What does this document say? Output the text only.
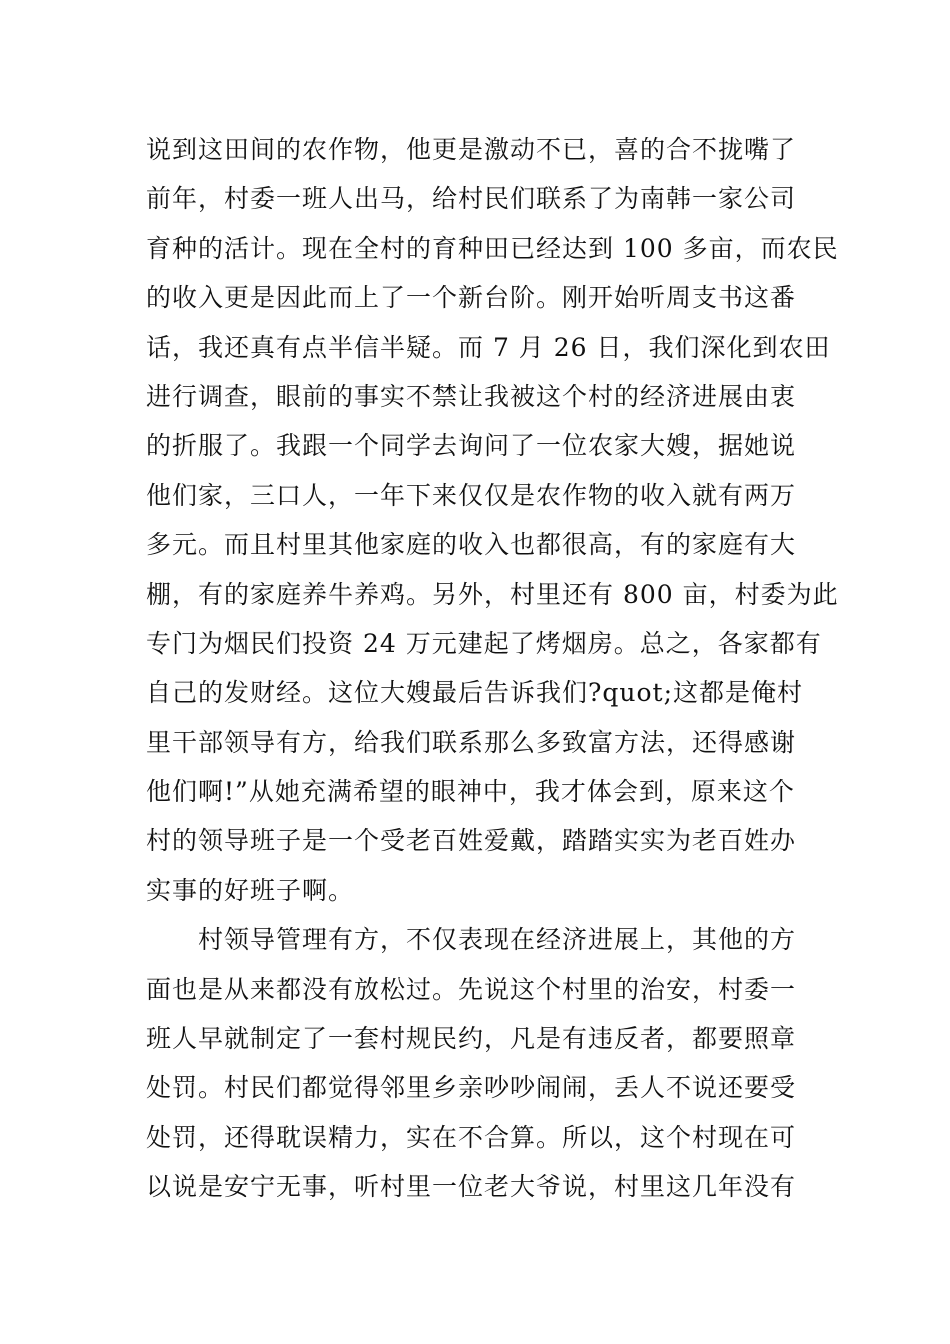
说到这田间的农作物，他更是激动不已，喜的合不拢嘴了
前年，村委一班人出马，给村民们联系了为南韩一家公司
育种的活计。现在全村的育种田已经达到 100 多亩，而农民
的收入更是因此而上了一个新台阶。刚开始听周支书这番
话，我还真有点半信半疑。而 7 月 26 日，我们深化到农田
进行调查，眼前的事实不禁让我被这个村的经济进展由衷
的折服了。我跟一个同学去询问了一位农家大嫂，据她说
他们家，三口人，一年下来仅仅是农作物的收入就有两万
多元。而且村里其他家庭的收入也都很高，有的家庭有大
棚，有的家庭养牛养鸡。另外，村里还有 800 亩，村委为此
专门为烟民们投资 24 万元建起了烤烟房。总之，各家都有
自己的发财经。这位大嫂最后告诉我们?quot;这都是俺村
里干部领导有方，给我们联系那么多致富方法，还得感谢
他们啊!”从她充满希望的眼神中，我才体会到，原来这个
村的领导班子是一个受老百姓爱戴，踏踏实实为老百姓办
实事的好班子啊。
村领导管理有方，不仅表现在经济进展上，其他的方
面也是从来都没有放松过。先说这个村里的治安，村委一
班人早就制定了一套村规民约，凡是有违反者，都要照章
处罚。村民们都觉得邻里乡亲吵吵闹闹，丢人不说还要受
处罚，还得耽误精力，实在不合算。所以，这个村现在可
以说是安宁无事，听村里一位老大爷说，村里这几年没有
